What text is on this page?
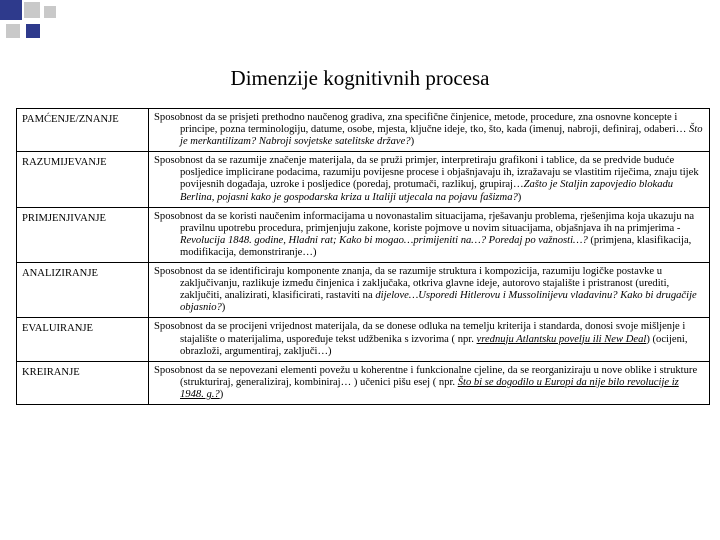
Dimenzije kognitivnih procesa
PAMĆENJE/ZNANJE	Sposobnost da se prisjeti prethodno naučenog gradiva, zna specifične činjenice, metode, procedure, zna osnovne koncepte i principe, pozna terminologiju, datume, osobe, mjesta, ključne ideje, tko, što, kada (imenuj, nabroji, definiraj, odaberi… Što je merkantilizam? Nabroji sovjetske satelitske države?)

RAZUMIJEVANJE	Sposobnost da se razumije značenje materijala, da se pruži primjer, interpretiraju grafikoni i tablice, da se predvide buduće posljedice implicirane podacima, razumiju povijesne procese i objašnjavaju ih, izražavaju se vlastitim riječima, znaju tijek povijesnih događaja, uzroke i posljedice (poredaj, protumači, razlikuj, grupiraj…Zašto je Staljin zapovjedio blokadu Berlina, pojasni kako je gospodarska kriza u Italiji utjecala na pojavu fašizma?)

PRIMJENJIVANJE	Sposobnost da se koristi naučenim informacijama u novonastalim situacijama, rješavanju problema, rješenjima koja ukazuju na pravilnu upotrebu procedura, primjenjuju zakone, koriste pojmove u novim situacijama, objašnjava ih na primjerima - Revolucija 1848. godine, Hladni rat; Kako bi mogao…primijeniti na…? Poredaj po važnosti…? (primjena, klasifikacija, modifikacija, demonstriranje…)

ANALIZIRANJE	Sposobnost da se identificiraju komponente znanja, da se razumije struktura i kompozicija, razumiju logičke postavke u zaključivanju, razlikuje između činjenica i zaključaka, otkriva glavne ideje, autorovo stajalište i pristranost (urediti, zaključiti, analizirati, klasificirati, rastaviti na dijelove…Usporedi Hitlerovu i Mussolinijevu vladavinu? Kako bi drugačije objasnio?)

EVALUIRANJE	Sposobnost da se procijeni vrijednost materijala, da se donese odluka na temelju kriterija i standarda, donosi svoje mišljenje i stajalište o materijalima, uspoređuje tekst udžbenika s izvorima ( npr. vrednuju Atlantsku povelju ili New Deal) (ocijeni, obrazloži, argumentiraj, zaključi…)

KREIRANJE	Sposobnost da se nepovezani elementi povežu u koherentne i funkcionalne cjeline, da se reorganiziraju u nove oblike i strukture (strukturiraj, generaliziraj, kombiniraj… ) učenici pišu esej ( npr. Što bi se dogodilo u Europi da nije bilo revolucije iz 1948. g.?)
